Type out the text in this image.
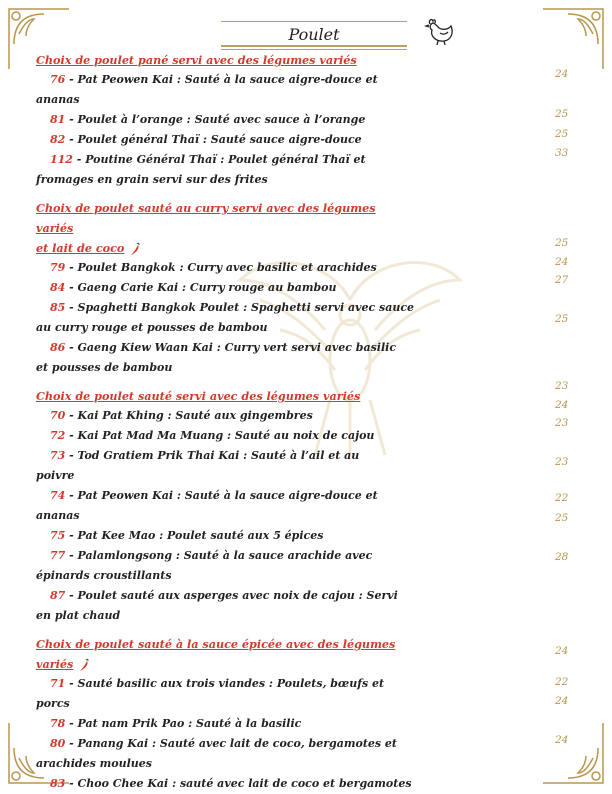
Poulet

Choix de poulet pané servi avec des légumes variés

76 - Pat Peowen Kai : Sauté à la sauce aigre-douce et

ananas

81 - Poulet à l’orange : Sauté avec sauce à l’orange

82 - Poulet général Thaï : Sauté sauce aigre-douce

112 - Poutine Général Thaï : Poulet général Thaï et

fromages en grain servi sur des frites

Choix de poulet sauté au curry servi avec des légumes variés

et lait de coco

79 - Poulet Bangkok : Curry avec basilic et arachides

84 - Gaeng Carie Kai : Curry rouge au bambou

85 - Spaghetti Bangkok Poulet : Spaghetti servi avec sauce

au curry rouge et pousses de bambou

86 - Gaeng Kiew Waan Kai : Curry vert servi avec basilic

et pousses de bambou

Choix de poulet sauté servi avec des légumes variés

70 - Kai Pat Khing : Sauté aux gingembres

72 - Kai Pat Mad Ma Muang : Sauté au noix de cajou

73 - Tod Gratiem Prik Thai Kai : Sauté à l’ail et au

poivre

74 - Pat Peowen Kai : Sauté à la sauce aigre-douce et

ananas

75 - Pat Kee Mao : Poulet sauté aux 5 épices

77 - Palamlongsong : Sauté à la sauce arachide avec

épinards croustillants

87 - Poulet sauté aux asperges avec noix de cajou : Servi

en plat chaud

Choix de poulet sauté à la sauce épicée avec des légumes

variés

71 - Sauté basilic aux trois viandes : Poulets, bœufs et

porcs

78 - Pat nam Prik Pao : Sauté à la basilic

80 - Panang Kai : Sauté avec lait de coco, bergamotes et

arachides moulues

83 - Choo Chee Kai : sauté avec lait de coco et bergamotes

24
25
25
33
25
24
27
25
23
24
23
23
22
25
28
24
22
24
24
